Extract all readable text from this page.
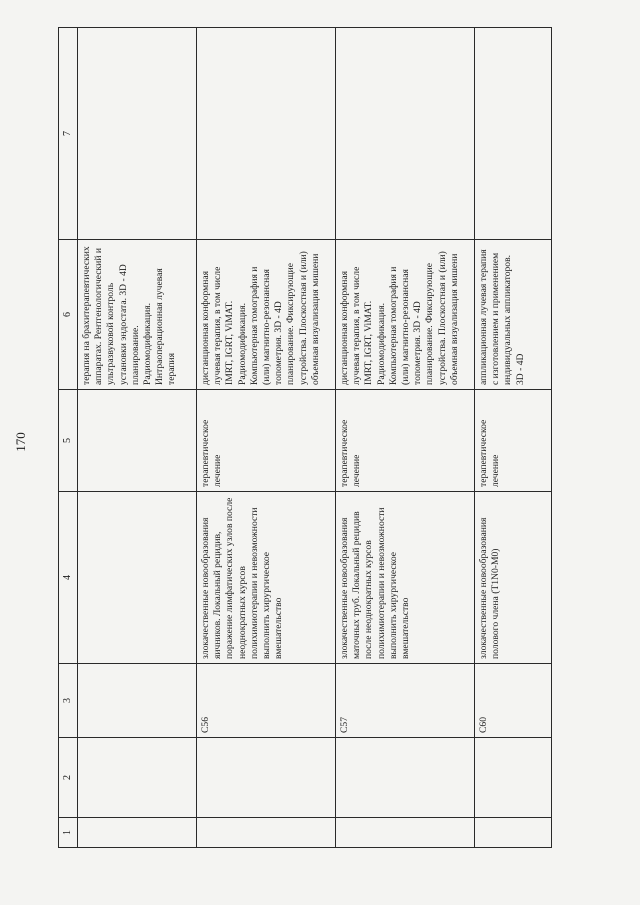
170
1	2	3	4	5	6	7
					терапия на брахитерапевтических аппаратах. Рентгенологический и ультразвуковой контроль установки эндостата. 3D - 4D планирование. Радиомодификация. Интраоперационная лучевая терапия	
		C56	злокачественные новообразования яичников. Локальный рецидив, поражение лимфатических узлов после неоднократных курсов полихимиотерапии и невозможности выполнить хирургическое вмешательство	терапевтическое лечение	дистанционная конформная лучевая терапия, в том числе IMRT, IGRT, ViMAT. Радиомодификация. Компьютерная томография и (или) магнитно-резонансная топометрия. 3D - 4D планирование. Фиксирующие устройства. Плоскостная и (или) объемная визуализация мишени	
		C57	злокачественные новообразования маточных труб. Локальный рецидив после неоднократных курсов полихимиотерапии и невозможности выполнить хирургическое вмешательство	терапевтическое лечение	дистанционная конформная лучевая терапия, в том числе IMRT, IGRT, ViMAT. Радиомодификация. Компьютерная томография и (или) магнитно-резонансная топометрия. 3D - 4D планирование. Фиксирующие устройства. Плоскостная и (или) объемная визуализация мишени	
		C60	злокачественные новообразования полового члена (T1N0-M0)	терапевтическое лечение	аппликационная лучевая терапия с изготовлением и применением индивидуальных аппликаторов. 3D - 4D	
